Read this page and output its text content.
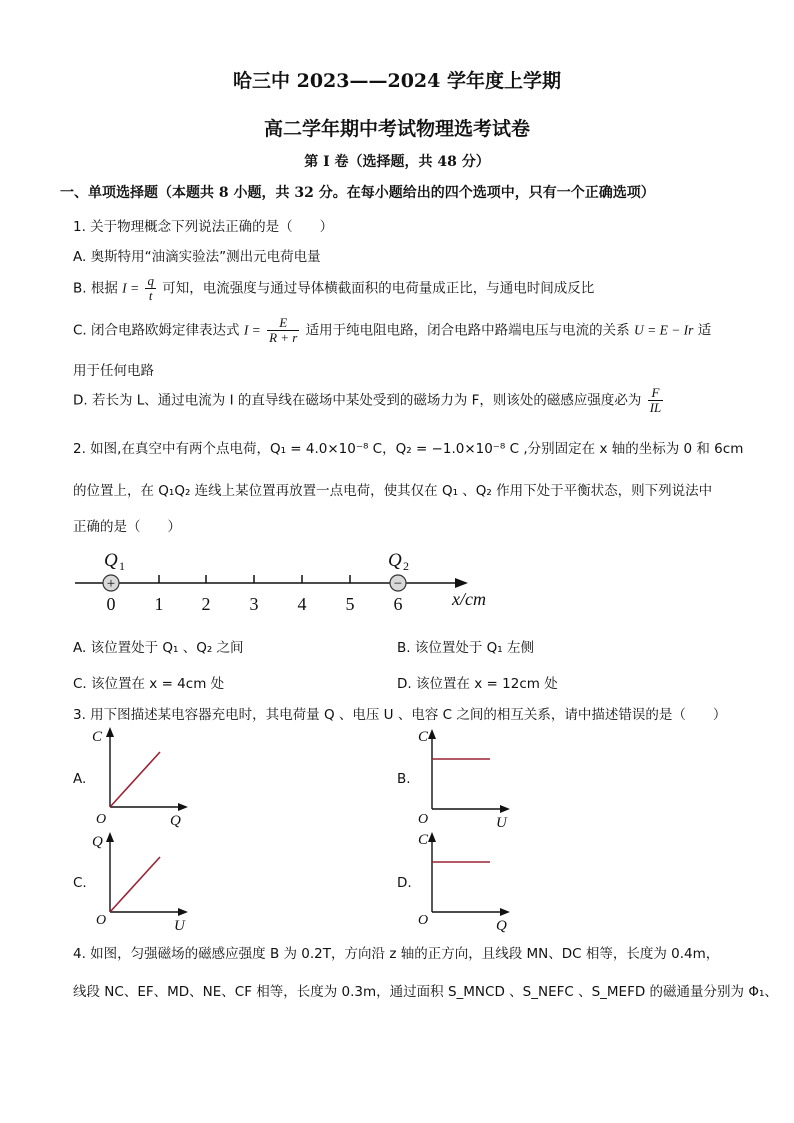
哈三中 2023——2024 学年度上学期
高二学年期中考试物理选考试卷
第 I 卷（选择题，共 48 分）
一、单项选择题（本题共 8 小题，共 32 分。在每小题给出的四个选项中，只有一个正确选项）
1. 关于物理概念下列说法正确的是（　　）
A. 奥斯特用“油滴实验法”测出元电荷电量
B. 根据 $I = \frac{q}{t}$ 可知，电流强度与通过导体横截面积的电荷量成正比，与通电时间成反比
C. 闭合电路欧姆定律表达式 $I = \frac{E}{R + r}$ 适用于纯电阻电路，闭合电路中路端电压与电流的关系 U = E − Ir 适
用于任何电路
D. 若长为 L、通过电流为 I 的直导线在磁场中某处受到的磁场力为 F，则该处的磁感应强度必为 $\frac{F}{IL}$
2. 如图,在真空中有两个点电荷，Q₁ = 4.0×10⁻⁸ C，Q₂ = −1.0×10⁻⁸ C ,分别固定在 x 轴的坐标为 0 和 6cm
的位置上，在 Q₁Q₂ 连线上某位置再放置一点电荷，使其仅在 Q₁ 、Q₂ 作用下处于平衡状态，则下列说法中
正确的是（　　）
+	−
Q 1	Q 2
0 1 2 3 4 5 6	x/cm
A. 该位置处于 Q₁ 、Q₂ 之间	B. 该位置处于 Q₁ 左侧
C. 该位置在 x = 4cm 处	D. 该位置在 x = 12cm 处
3. 用下图描述某电容器充电时，其电荷量 Q 、电压 U 、电容 C 之间的相互关系，请中描述错误的是（　　）
A.
C
Q
O
B.
C
U
O
C.
Q
U
O
D.
C
Q
O
4. 如图，匀强磁场的磁感应强度 B 为 0.2T，方向沿 z 轴的正方向，且线段 MN、DC 相等，长度为 0.4m，
线段 NC、EF、MD、NE、CF 相等，长度为 0.3m，通过面积 S_MNCD 、S_NEFC 、S_MEFD 的磁通量分别为 Φ₁、
